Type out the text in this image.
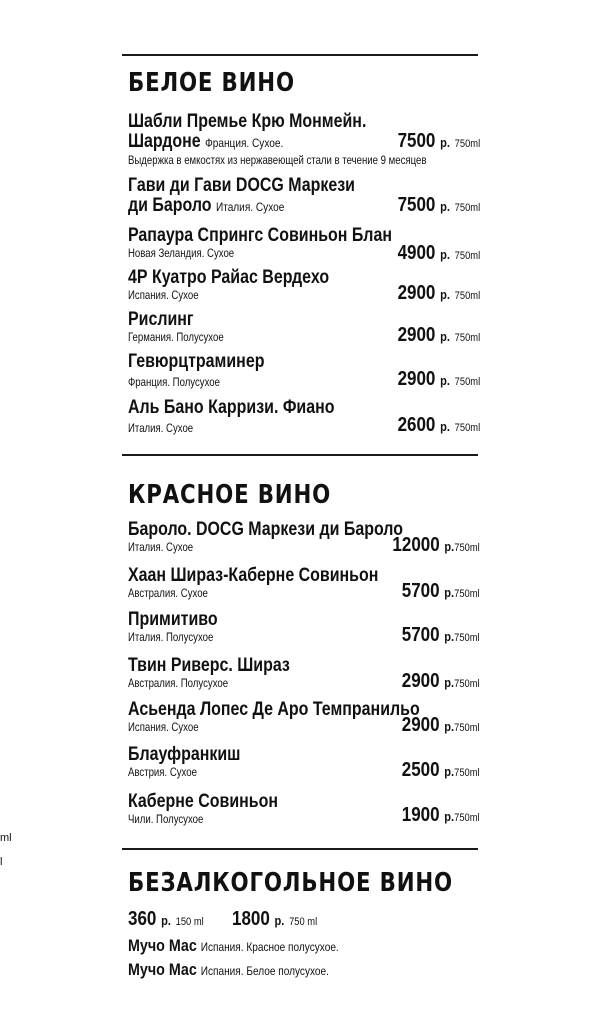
ml
l
БЕЛОЕ ВИНО
Шабли Премье Крю Монмейн.
Шардоне Франция. Сухое.
Выдержка в емкостях из нержавеющей стали в течение 9 месяцев
7500 р. 750ml
Гави ди Гави DOCG Маркези
ди Бароло Италия. Сухое	7500 р. 750ml
Рапаура Спрингс Совиньон Блан
Новая Зеландия. Сухое	4900 р. 750ml
4Р Куатро Райас Вердехо
Испания. Сухое	2900 р. 750ml
Рислинг
Германия. Полусухое	2900 р. 750ml
Гевюрцтраминер
Франция. Полусухое	2900 р. 750ml
Аль Бано Карризи. Фиано
Италия. Сухое	2600 р. 750ml
КРАСНОЕ ВИНО
Бароло. DOCG Маркези ди Бароло
Италия. Сухое	12000 р.750ml
Хаан Шираз-Каберне Совиньон
Австралия. Сухое	5700 р.750ml
Примитиво
Италия. Полусухое	5700 р.750ml
Твин Риверс. Шираз
Австралия. Полусухое	2900 р.750ml
Асьенда Лопес Де Аро Темпранильо
Испания. Сухое	2900 р.750ml
Блауфранкиш
Австрия. Сухое	2500 р.750ml
Каберне Совиньон
Чили. Полусухое	1900 р.750ml
БЕЗАЛКОГОЛЬНОЕ ВИНО
360 р. 150 ml 1800 р. 750 ml
Мучо Мас Испания. Красное полусухое.
Мучо Мас Испания. Белое полусухое.
